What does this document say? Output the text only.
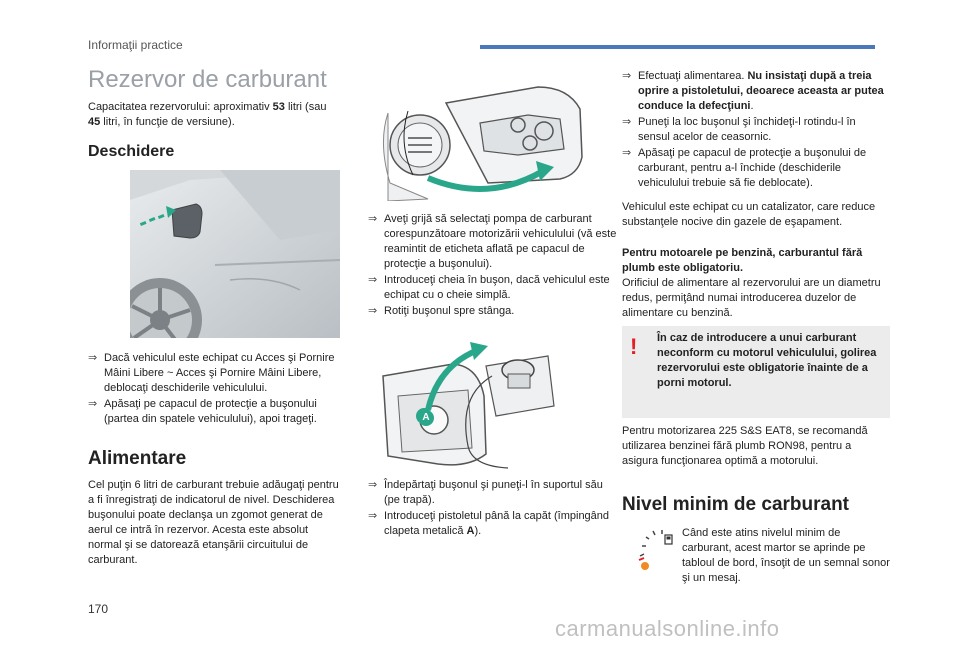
Informaţii practice
Rezervor de carburant
Capacitatea rezervorului: aproximativ 53 litri (sau 45 litri, în funcţie de versiune).
Deschidere
⇒ Dacă vehiculul este echipat cu Acces şi Pornire Mâini Libere ~ Acces şi Pornire Mâini Libere, deblocaţi deschiderile vehiculului.
⇒ Apăsaţi pe capacul de protecţie a buşonului (partea din spatele vehiculului), apoi trageţi.
Alimentare
Cel puţin 6 litri de carburant trebuie adăugaţi pentru a fi înregistraţi de indicatorul de nivel. Deschiderea buşonului poate declanşa un zgomot generat de aerul ce intră în rezervor. Acesta este absolut normal şi se datorează etanşării circuitului de carburant.
⇒ Aveţi grijă să selectaţi pompa de carburant corespunzătoare motorizării vehiculului (vă este reamintit de eticheta aflată pe capacul de protecţie a buşonului).
⇒ Introduceţi cheia în buşon, dacă vehiculul este echipat cu o cheie simplă.
⇒ Rotiţi buşonul spre stânga.
A
⇒ Îndepărtaţi buşonul şi puneţi-l în suportul său (pe trapă).
⇒ Introduceţi pistoletul până la capăt (împingând clapeta metalică A).
⇒ Efectuaţi alimentarea. Nu insistaţi după a treia oprire a pistoletului, deoarece aceasta ar putea conduce la defecţiuni.
⇒ Puneţi la loc buşonul şi închideţi-l rotindu-l în sensul acelor de ceasornic.
⇒ Apăsaţi pe capacul de protecţie a buşonului de carburant, pentru a-l închide (deschiderile vehiculului trebuie să fie deblocate).
Vehiculul este echipat cu un catalizator, care reduce substanţele nocive din gazele de eşapament.
Pentru motoarele pe benzină, carburantul fără plumb este obligatoriu.
Orificiul de alimentare al rezervorului are un diametru redus, permiţând numai introducerea duzelor de alimentare cu benzină.
! În caz de introducere a unui carburant neconform cu motorul vehiculului, golirea rezervorului este obligatorie înainte de a porni motorul.
Pentru motorizarea 225 S&S EAT8, se recomandă utilizarea benzinei fără plumb RON98, pentru a asigura funcţionarea optimă a motorului.
Nivel minim de carburant
Când este atins nivelul minim de carburant, acest martor se aprinde pe tabloul de bord, însoţit de un semnal sonor şi un mesaj.
170
carmanualsonline.info
